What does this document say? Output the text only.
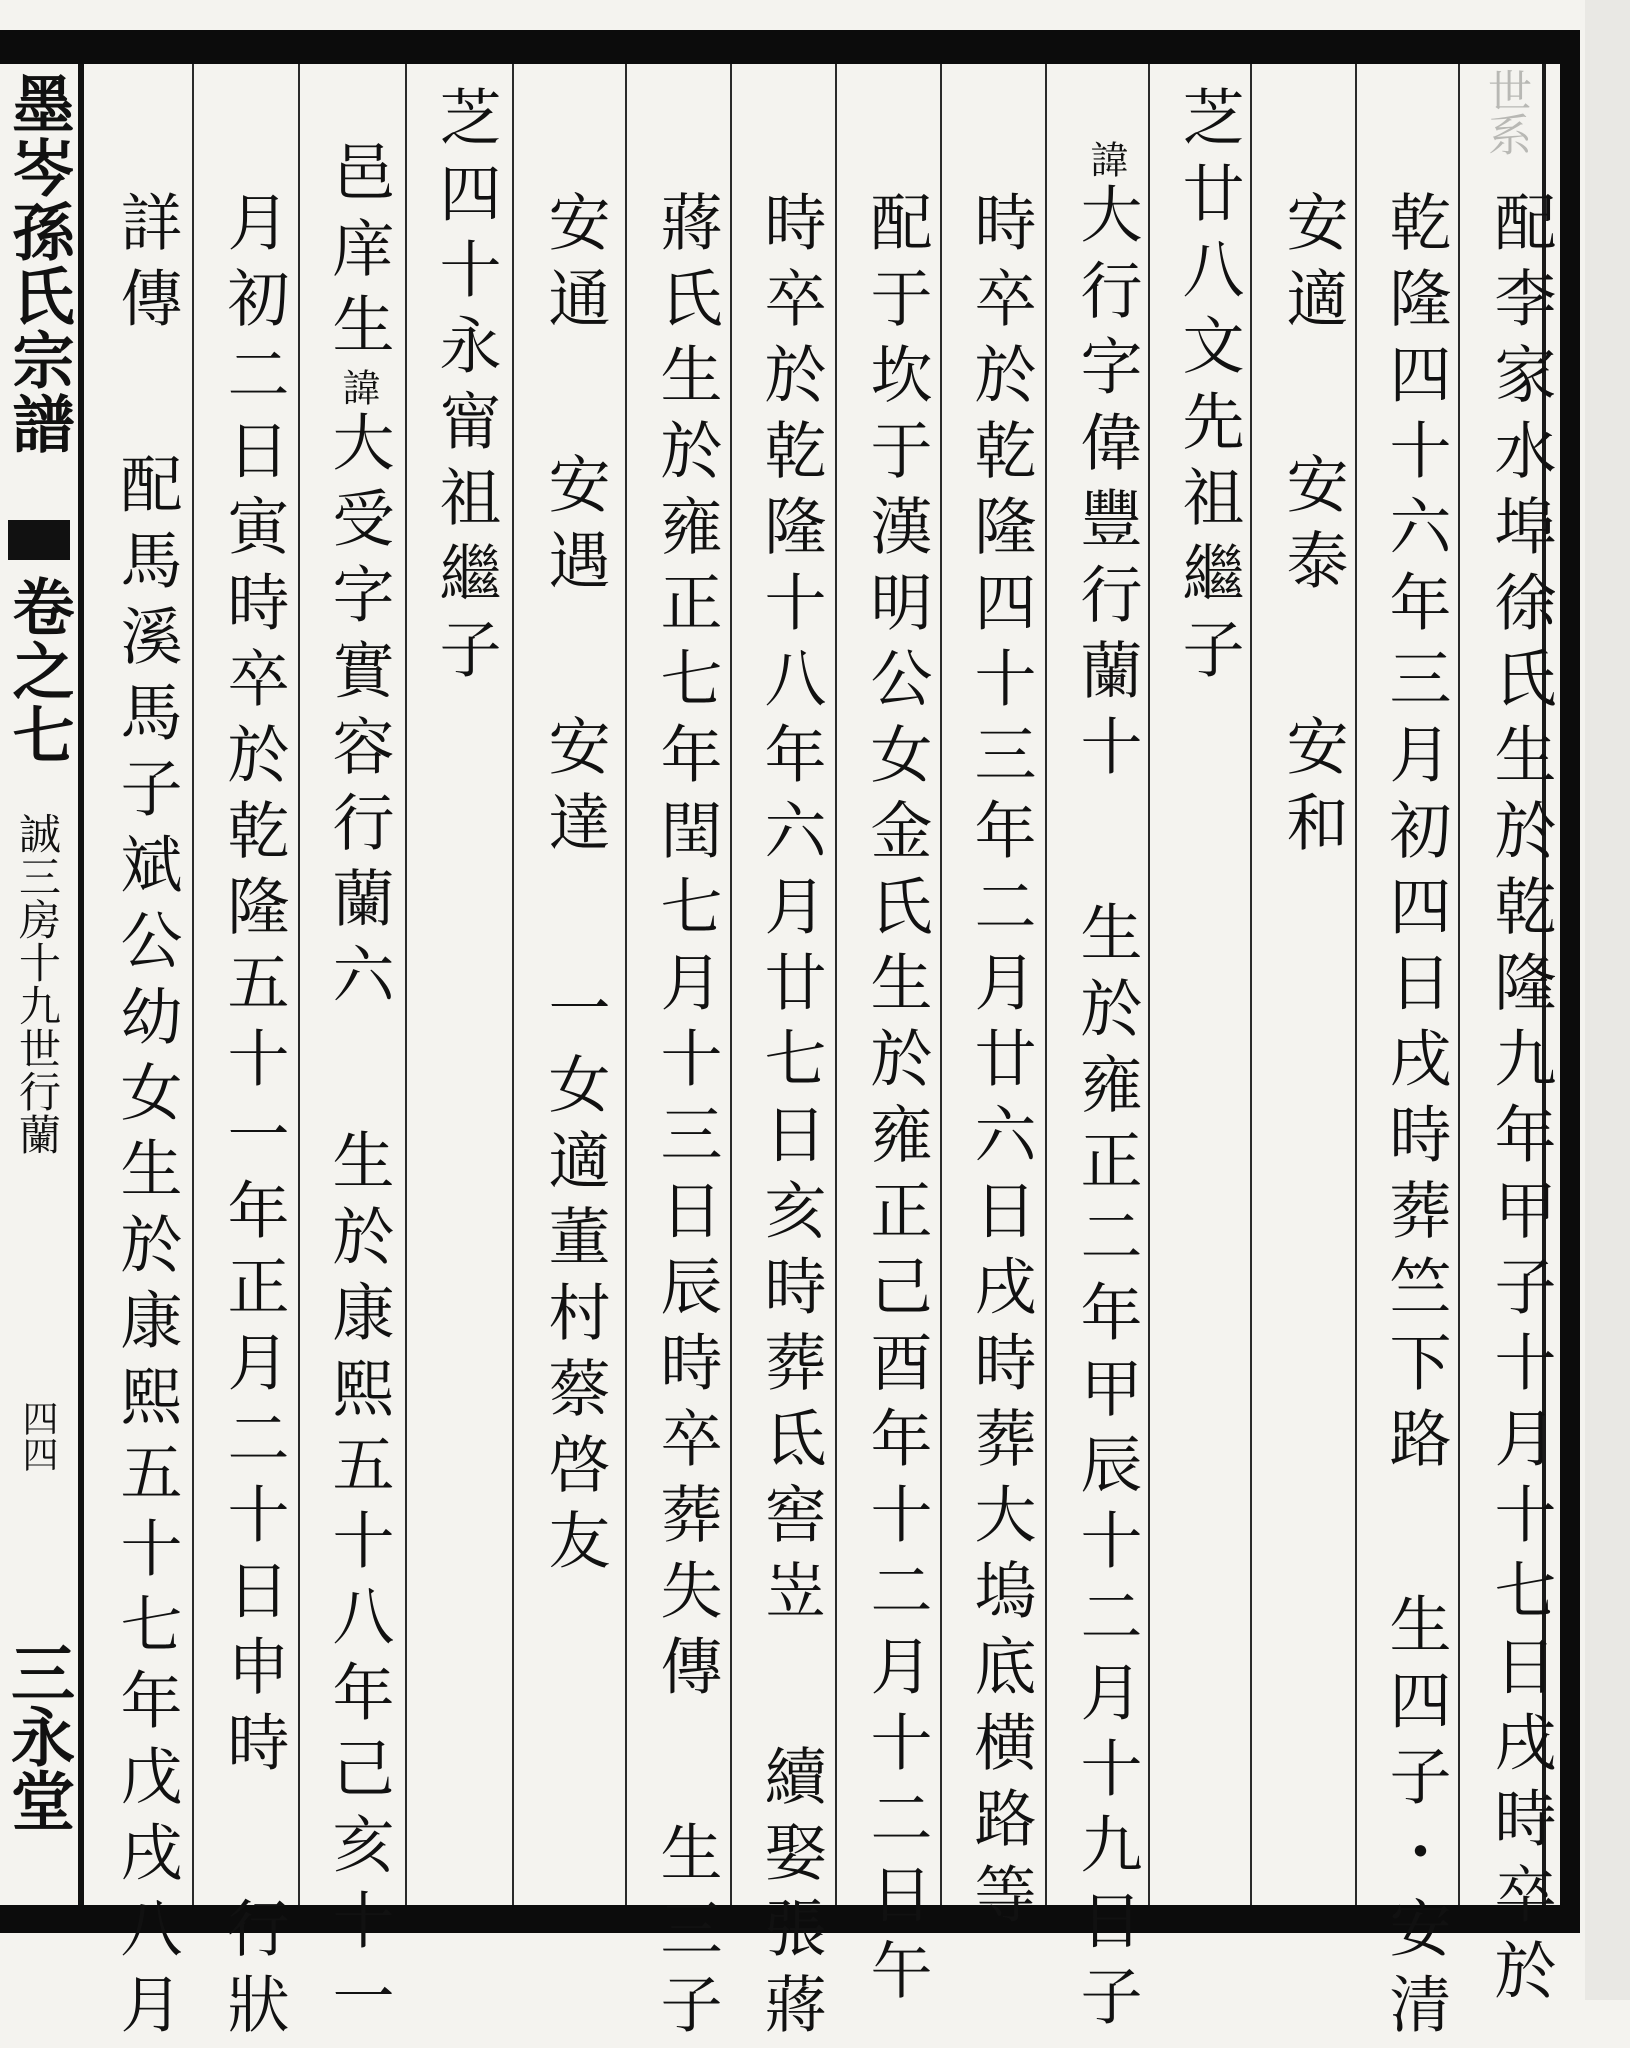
世系
墨岑孫氏宗譜
卷之七
誠三房十九世行蘭
四四
三永堂	配李家水埠徐氏生於乾隆九年甲子十月十七日戌時卒於
乾隆四十六年三月初四日戌時葬竺下路生四子・安清
安適安泰安和
芝廿八文先祖繼子
諱大行字偉豐行蘭十生於雍正二年甲辰十二月十九日子
時卒於乾隆四十三年二月廿六日戌時葬大塢底横路等
配于坎于漢明公女金氏生於雍正己酉年十二月十二日午
時卒於乾隆十八年六月廿七日亥時葬氐窖岦續娶張蔣
蔣氏生於雍正七年閏七月十三日辰時卒葬失傳生三子
安通安遇安達一女適董村蔡啓友
芝四十永甯祖繼子
邑庠生諱大受字實容行蘭六生於康熙五十八年己亥十一
月初二日寅時卒於乾隆五十一年正月二十日申時行狀
詳傳配馬溪馬子斌公幼女生於康熙五十七年戊戌八月
